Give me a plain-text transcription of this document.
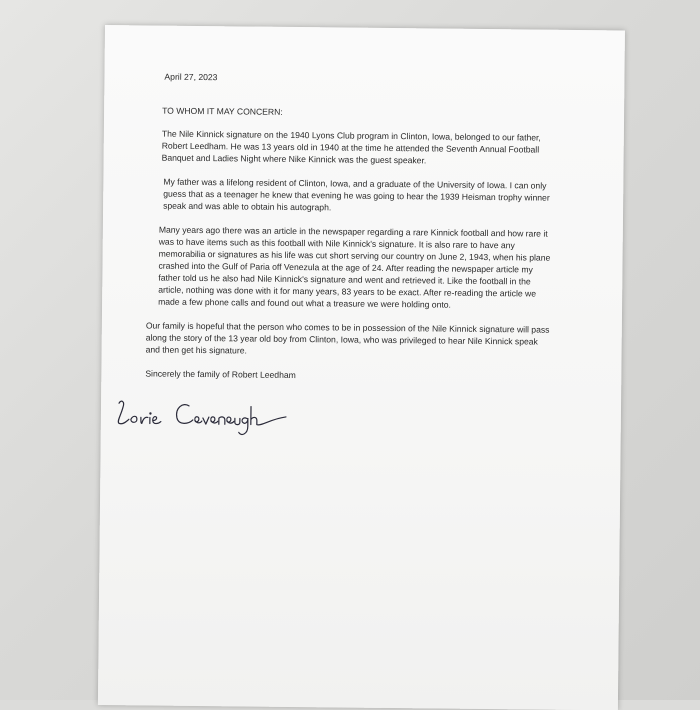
April 27, 2023

TO WHOM IT MAY CONCERN:

The Nile Kinnick signature on the 1940 Lyons Club program in Clinton, Iowa, belonged to our father, Robert Leedham. He was 13 years old in 1940 at the time he attended the Seventh Annual Football Banquet and Ladies Night where Nike Kinnick was the guest speaker.

My father was a lifelong resident of Clinton, Iowa, and a graduate of the University of Iowa. I can only guess that as a teenager he knew that evening he was going to hear the 1939 Heisman trophy winner speak and was able to obtain his autograph.

Many years ago there was an article in the newspaper regarding a rare Kinnick football and how rare it was to have items such as this football with Nile Kinnick's signature. It is also rare to have any memorabilia or signatures as his life was cut short serving our country on June 2, 1943, when his plane crashed into the Gulf of Paria off Venezula at the age of 24. After reading the newspaper article my father told us he also had Nile Kinnick's signature and went and retrieved it. Like the football in the article, nothing was done with it for many years, 83 years to be exact. After re-reading the article we made a few phone calls and found out what a treasure we were holding onto.

Our family is hopeful that the person who comes to be in possession of the Nile Kinnick signature will pass along the story of the 13 year old boy from Clinton, Iowa, who was privileged to hear Nile Kinnick speak and then get his signature.

Sincerely the family of Robert Leedham
